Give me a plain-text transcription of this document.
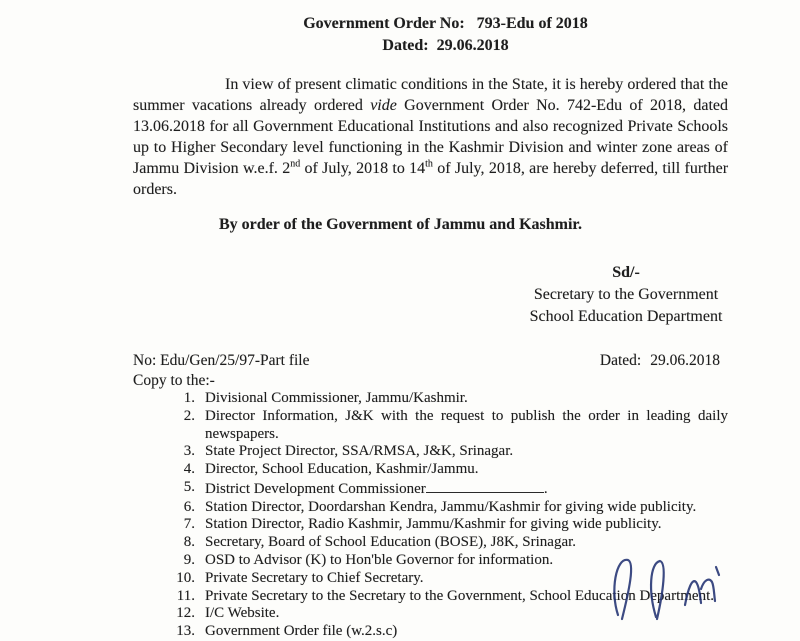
Government Order No: 793-Edu of 2018
Dated: 29.06.2018

In view of present climatic conditions in the State, it is hereby ordered that the summer vacations already ordered vide Government Order No. 742-Edu of 2018, dated 13.06.2018 for all Government Educational Institutions and also recognized Private Schools up to Higher Secondary level functioning in the Kashmir Division and winter zone areas of Jammu Division w.e.f. 2nd of July, 2018 to 14th of July, 2018, are hereby deferred, till further orders.

By order of the Government of Jammu and Kashmir.
Sd/-
Secretary to the Government
School Education Department
No: Edu/Gen/25/97-Part file	Dated: 29.06.2018
Copy to the:-
Divisional Commissioner, Jammu/Kashmir.
Director Information, J&K with the request to publish the order in leading daily newspapers.
State Project Director, SSA/RMSA, J&K, Srinagar.
Director, School Education, Kashmir/Jammu.
District Development Commissioner	.
Station Director, Doordarshan Kendra, Jammu/Kashmir for giving wide publicity.
Station Director, Radio Kashmir, Jammu/Kashmir for giving wide publicity.
Secretary, Board of School Education (BOSE), J8K, Srinagar.
OSD to Advisor (K) to Hon'ble Governor for information.
Private Secretary to Chief Secretary.
Private Secretary to the Secretary to the Government, School Education Department.
I/C Website.
Government Order file (w.2.s.c)
